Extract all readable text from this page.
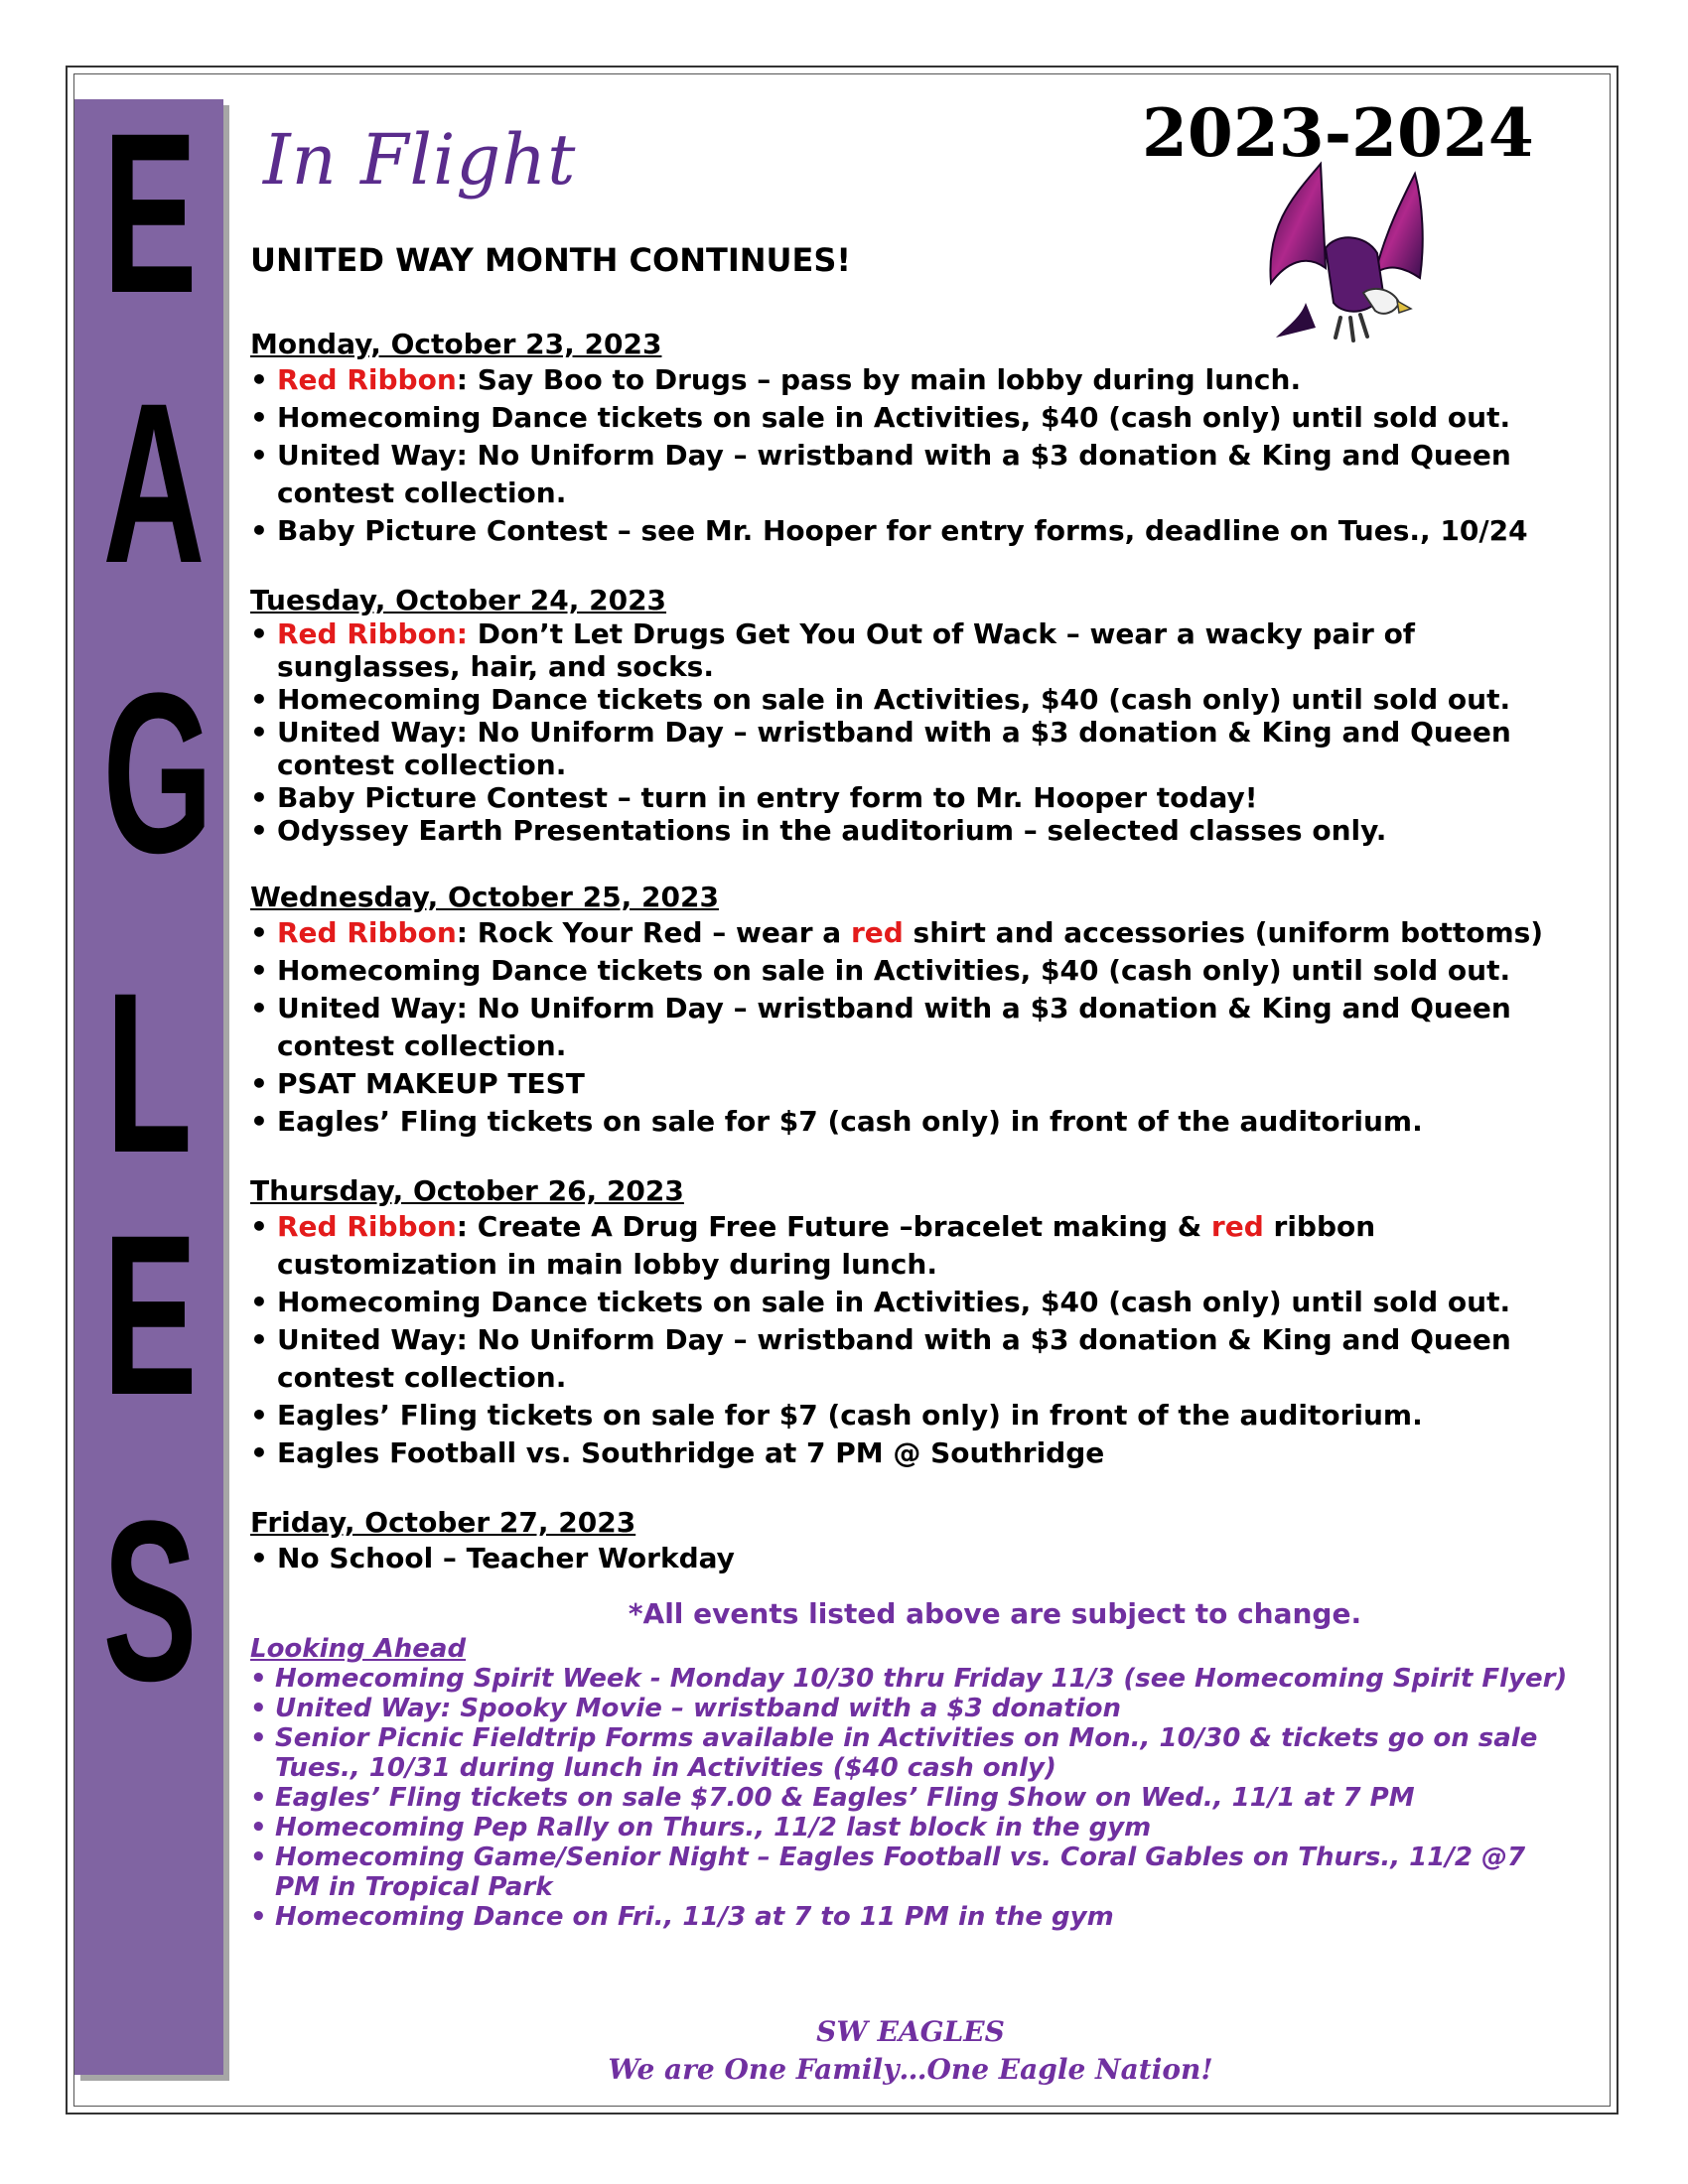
E
A
G
L
E
S
In Flight	2023-2024
UNITED WAY MONTH CONTINUES!
Monday, October 23, 2023
• Red Ribbon: Say Boo to Drugs – pass by main lobby during lunch.
• Homecoming Dance tickets on sale in Activities, $40 (cash only) until sold out.
• United Way: No Uniform Day – wristband with a $3 donation & King and Queen contest collection.
• Baby Picture Contest – see Mr. Hooper for entry forms, deadline on Tues., 10/24
Tuesday, October 24, 2023
• Red Ribbon: Don’t Let Drugs Get You Out of Wack – wear a wacky pair of sunglasses, hair, and socks.
• Homecoming Dance tickets on sale in Activities, $40 (cash only) until sold out.
• United Way: No Uniform Day – wristband with a $3 donation & King and Queen contest collection.
• Baby Picture Contest – turn in entry form to Mr. Hooper today!
• Odyssey Earth Presentations in the auditorium – selected classes only.
Wednesday, October 25, 2023
• Red Ribbon: Rock Your Red – wear a red shirt and accessories (uniform bottoms)
• Homecoming Dance tickets on sale in Activities, $40 (cash only) until sold out.
• United Way: No Uniform Day – wristband with a $3 donation & King and Queen contest collection.
• PSAT MAKEUP TEST
• Eagles’ Fling tickets on sale for $7 (cash only) in front of the auditorium.
Thursday, October 26, 2023
• Red Ribbon: Create A Drug Free Future –bracelet making & red ribbon customization in main lobby during lunch.
• Homecoming Dance tickets on sale in Activities, $40 (cash only) until sold out.
• United Way: No Uniform Day – wristband with a $3 donation & King and Queen contest collection.
• Eagles’ Fling tickets on sale for $7 (cash only) in front of the auditorium.
• Eagles Football vs. Southridge at 7 PM @ Southridge
Friday, October 27, 2023
• No School – Teacher Workday
*All events listed above are subject to change.
Looking Ahead
• Homecoming Spirit Week - Monday 10/30 thru Friday 11/3 (see Homecoming Spirit Flyer)
• United Way: Spooky Movie – wristband with a $3 donation
• Senior Picnic Fieldtrip Forms available in Activities on Mon., 10/30 & tickets go on sale Tues., 10/31 during lunch in Activities ($40 cash only)
• Eagles’ Fling tickets on sale $7.00 & Eagles’ Fling Show on Wed., 11/1 at 7 PM
• Homecoming Pep Rally on Thurs., 11/2 last block in the gym
• Homecoming Game/Senior Night – Eagles Football vs. Coral Gables on Thurs., 11/2 @7 PM in Tropical Park
• Homecoming Dance on Fri., 11/3 at 7 to 11 PM in the gym
SW EAGLES
We are One Family…One Eagle Nation!
